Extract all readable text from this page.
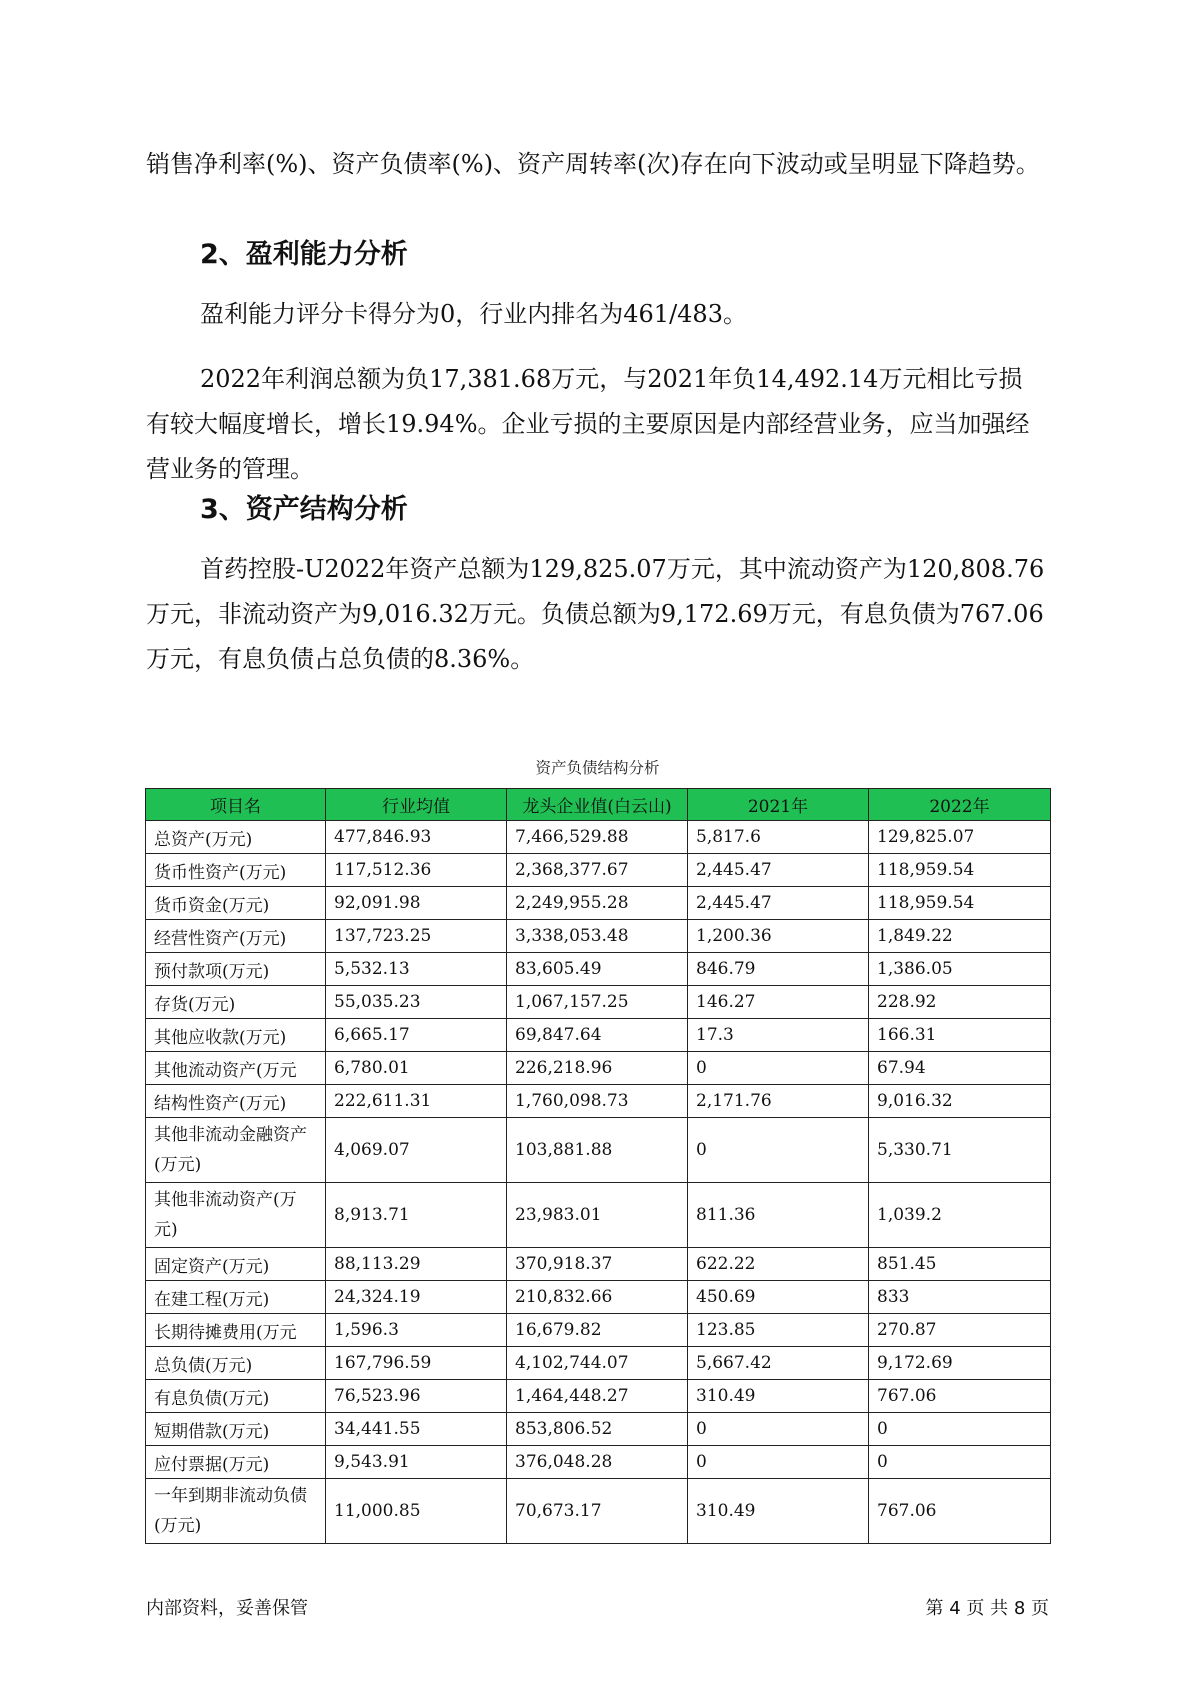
销售净利率(%)、资产负债率(%)、资产周转率(次)存在向下波动或呈明显下降趋势。

2、盈利能力分析

盈利能力评分卡得分为0，行业内排名为461/483。

2022年利润总额为负17,381.68万元，与2021年负14,492.14万元相比亏损有较大幅度增长，增长19.94%。企业亏损的主要原因是内部经营业务，应当加强经营业务的管理。

3、资产结构分析

首药控股-U2022年资产总额为129,825.07万元，其中流动资产为120,808.76万元，非流动资产为9,016.32万元。负债总额为9,172.69万元，有息负债为767.06万元，有息负债占总负债的8.36%。

资产负债结构分析
项目名	行业均值	龙头企业值(白云山)	2021年	2022年
总资产(万元)	477,846.93	7,466,529.88	5,817.6	129,825.07
货币性资产(万元)	117,512.36	2,368,377.67	2,445.47	118,959.54
货币资金(万元)	92,091.98	2,249,955.28	2,445.47	118,959.54
经营性资产(万元)	137,723.25	3,338,053.48	1,200.36	1,849.22
预付款项(万元)	5,532.13	83,605.49	846.79	1,386.05
存货(万元)	55,035.23	1,067,157.25	146.27	228.92
其他应收款(万元)	6,665.17	69,847.64	17.3	166.31
其他流动资产(万元	6,780.01	226,218.96	0	67.94
结构性资产(万元)	222,611.31	1,760,098.73	2,171.76	9,016.32
其他非流动金融资产(万元)	4,069.07	103,881.88	0	5,330.71
其他非流动资产(万元)	8,913.71	23,983.01	811.36	1,039.2
固定资产(万元)	88,113.29	370,918.37	622.22	851.45
在建工程(万元)	24,324.19	210,832.66	450.69	833
长期待摊费用(万元	1,596.3	16,679.82	123.85	270.87
总负债(万元)	167,796.59	4,102,744.07	5,667.42	9,172.69
有息负债(万元)	76,523.96	1,464,448.27	310.49	767.06
短期借款(万元)	34,441.55	853,806.52	0	0
应付票据(万元)	9,543.91	376,048.28	0	0
一年到期非流动负债(万元)	11,000.85	70,673.17	310.49	767.06
内部资料，妥善保管	第 4 页 共 8 页
